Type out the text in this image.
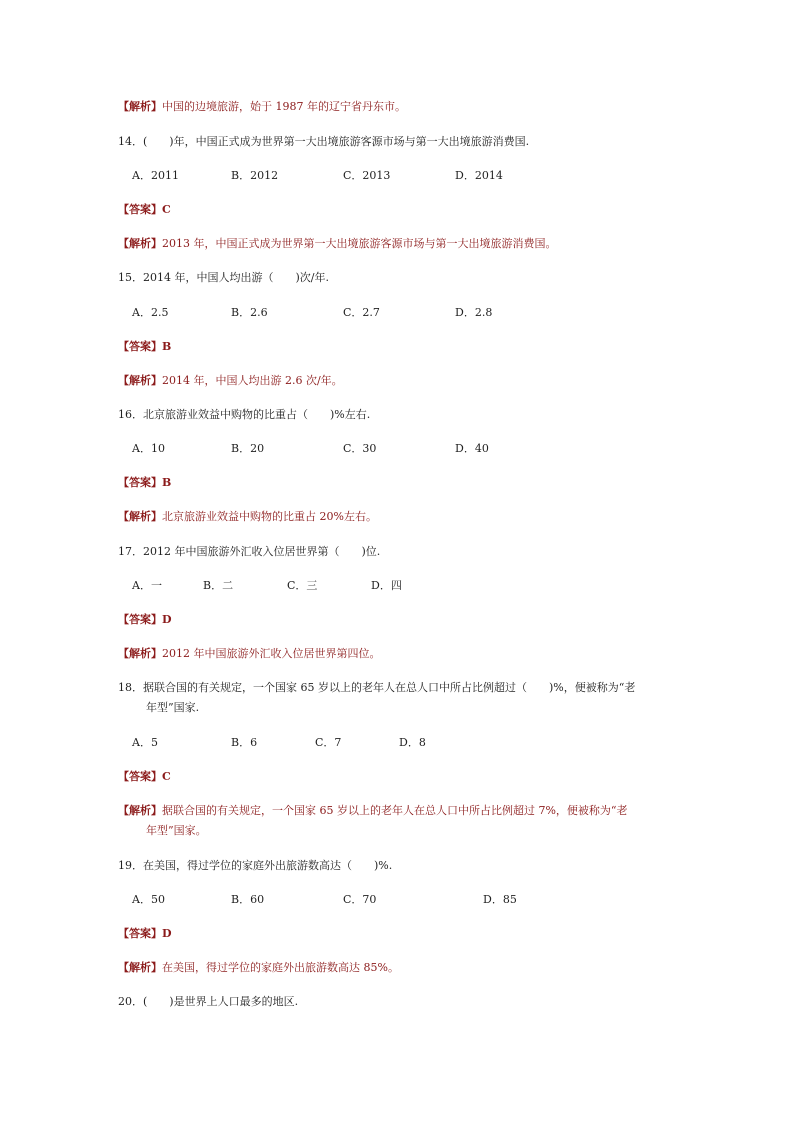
【解析】中国的边境旅游，始于 1987 年的辽宁省丹东市。
14．(　　)年，中国正式成为世界第一大出境旅游客源市场与第一大出境旅游消费国.
A．2011	B．2012	C．2013	D．2014
【答案】C
【解析】2013 年，中国正式成为世界第一大出境旅游客源市场与第一大出境旅游消费国。
15．2014 年，中国人均出游（　　)次/年.
A．2.5	B．2.6	C．2.7	D．2.8
【答案】B
【解析】2014 年，中国人均出游 2.6 次/年。
16．北京旅游业效益中购物的比重占（　　)%左右.
A．10	B．20	C．30	D．40
【答案】B
【解析】北京旅游业效益中购物的比重占 20%左右。
17．2012 年中国旅游外汇收入位居世界第（　　)位.
A．一	B．二	C．三	D．四
【答案】D
【解析】2012 年中国旅游外汇收入位居世界第四位。
18．据联合国的有关规定，一个国家 65 岁以上的老年人在总人口中所占比例超过（　　)%，便被称为“老
年型”国家.
A．5	B．6	C．7	D．8
【答案】C
【解析】据联合国的有关规定，一个国家 65 岁以上的老年人在总人口中所占比例超过 7%，便被称为“老
年型”国家。
19．在美国，得过学位的家庭外出旅游数高达（　　)%.
A．50	B．60	C．70	D．85
【答案】D
【解析】在美国，得过学位的家庭外出旅游数高达 85%。
20．(　　)是世界上人口最多的地区.
